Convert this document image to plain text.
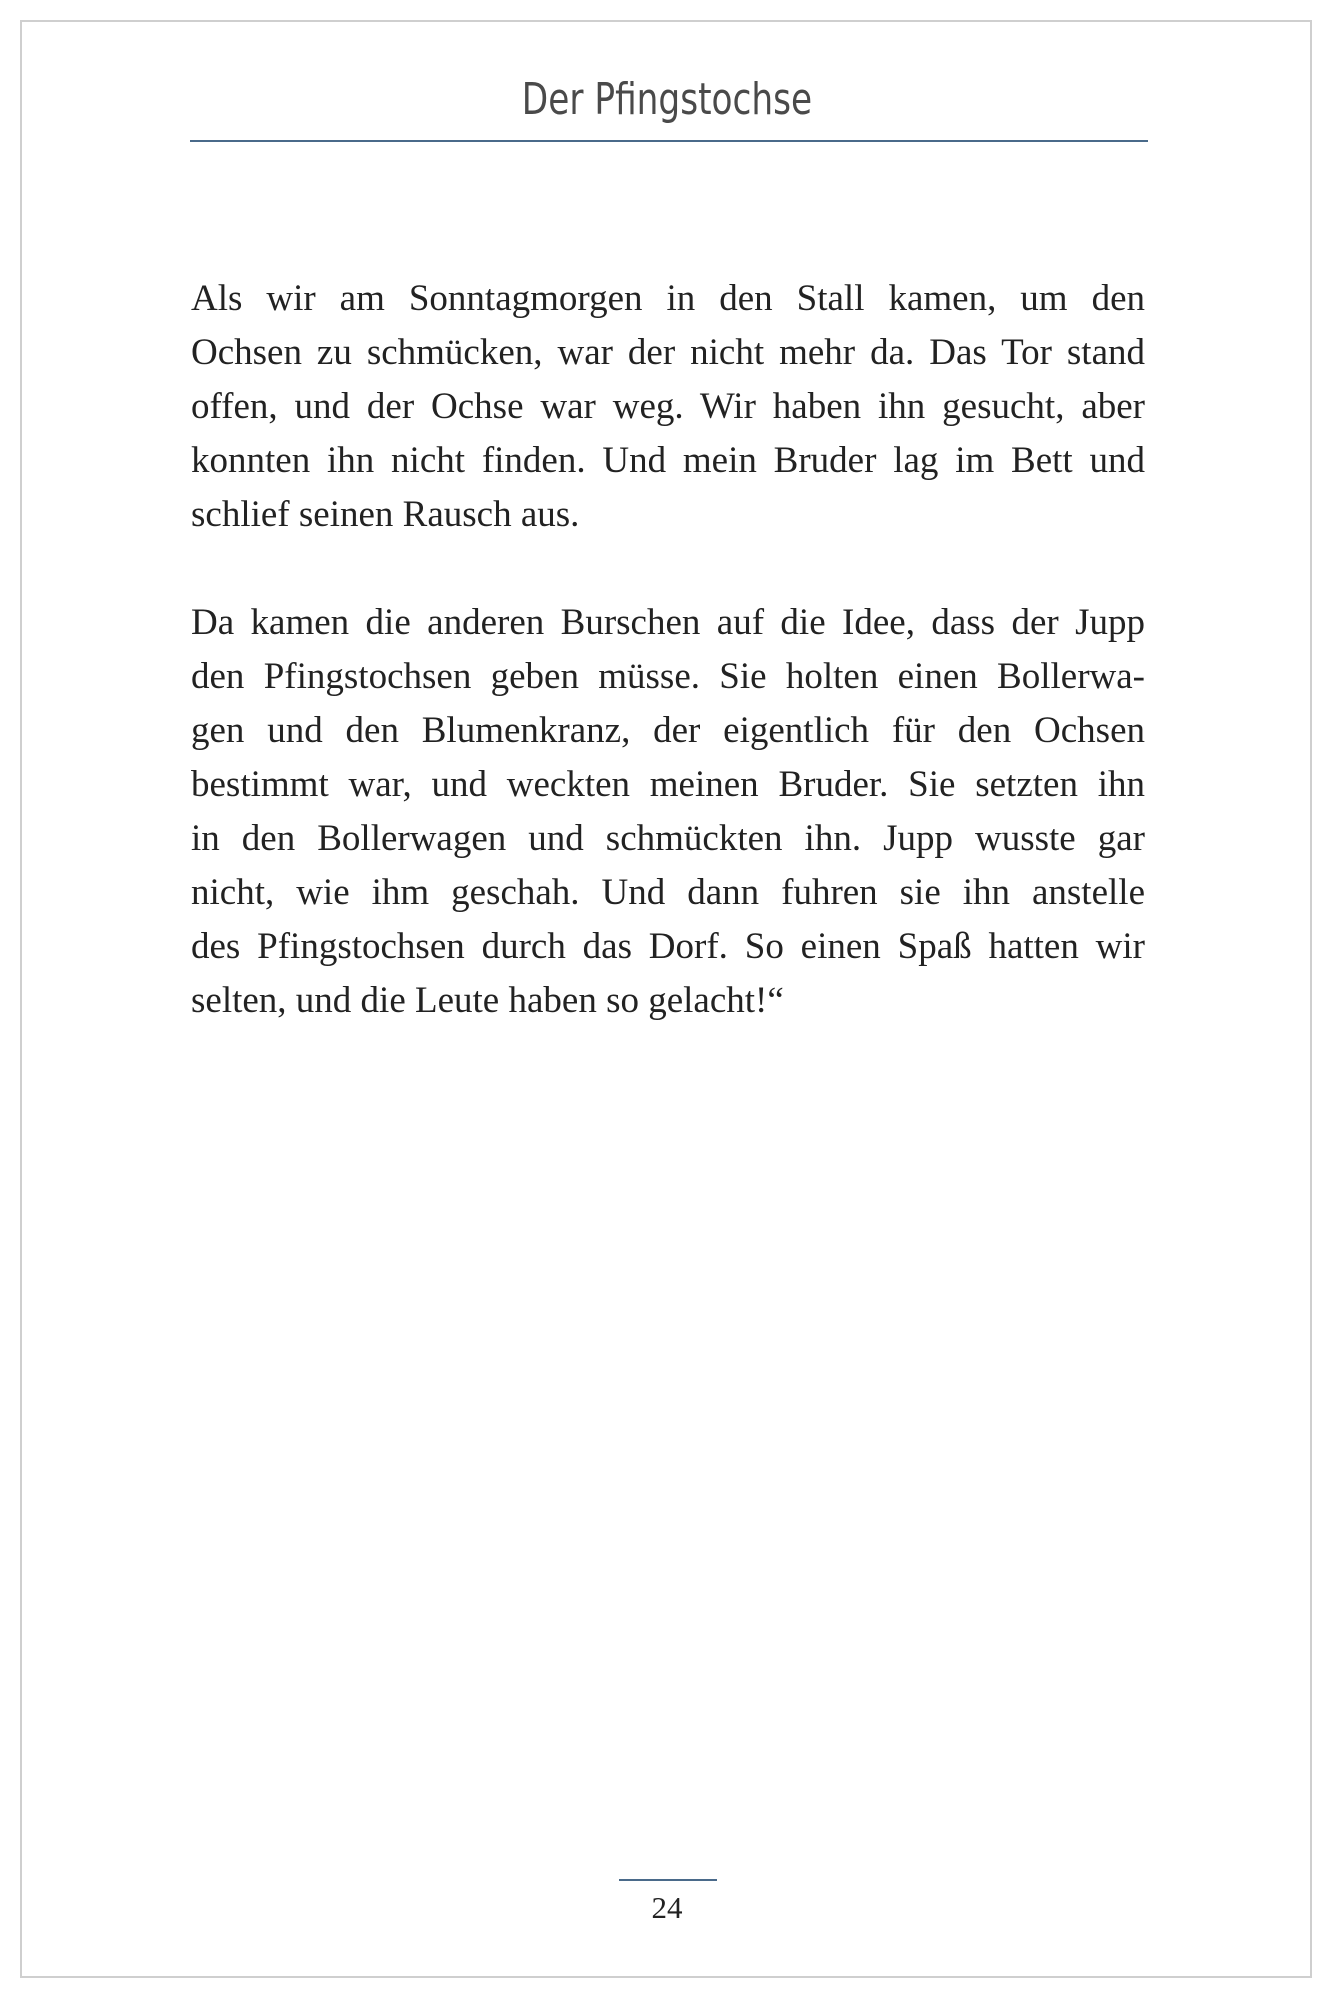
Der Pfingstochse
Als wir am Sonntagmorgen in den Stall kamen, um den
Ochsen zu schmücken, war der nicht mehr da. Das Tor stand
offen, und der Ochse war weg. Wir haben ihn gesucht, aber
konnten ihn nicht finden. Und mein Bruder lag im Bett und
schlief seinen Rausch aus.
Da kamen die anderen Burschen auf die Idee, dass der Jupp
den Pfingstochsen geben müsse. Sie holten einen Bollerwa-
gen und den Blumenkranz, der eigentlich für den Ochsen
bestimmt war, und weckten meinen Bruder. Sie setzten ihn
in den Bollerwagen und schmückten ihn. Jupp wusste gar
nicht, wie ihm geschah. Und dann fuhren sie ihn anstelle
des Pfingstochsen durch das Dorf. So einen Spaß hatten wir
selten, und die Leute haben so gelacht!“
24
